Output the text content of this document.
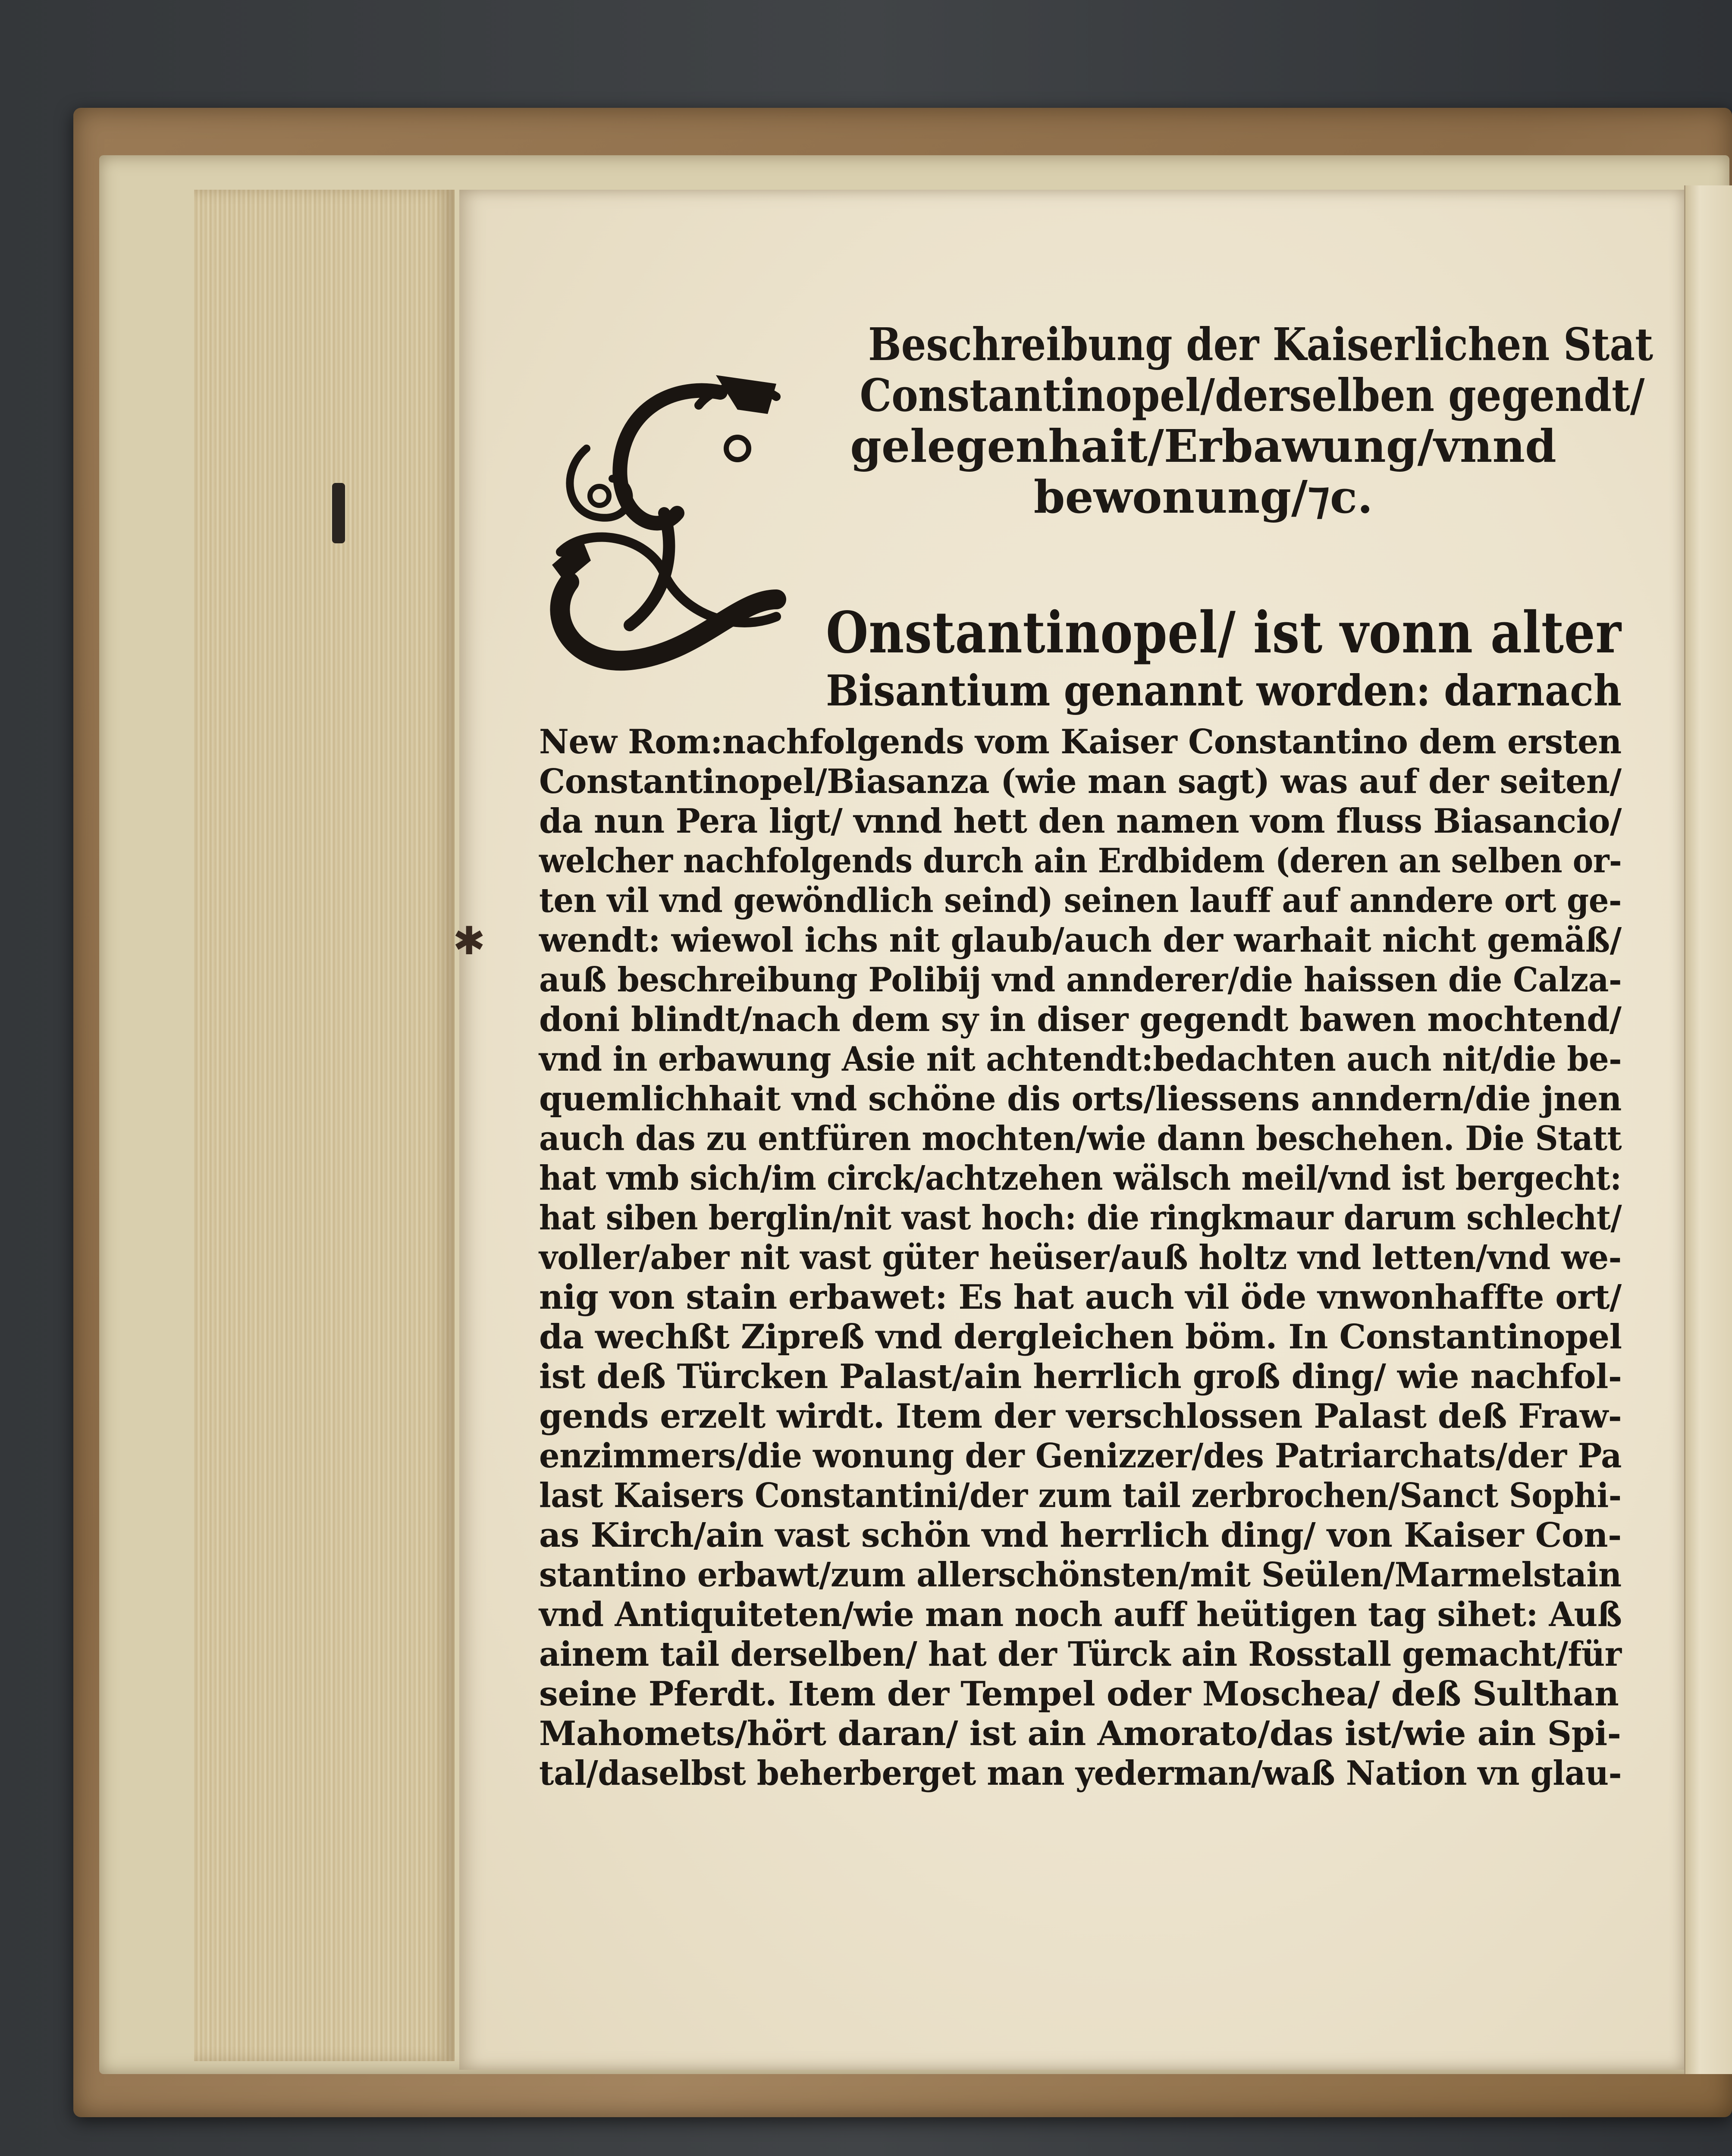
C
Beschreibung der Kaiserlichen Stat
Constantinopel/derselben gegendt/
gelegenhait/Erbawung/vnnd
bewonung/⁊c.
Onstantinopel/ ist vonn alter
Bisantium genannt worden: darnach
New Rom:nachfolgends vom Kaiser Constantino dem ersten
Constantinopel/Biasanza (wie man sagt) was auf der seiten/
da nun Pera ligt/ vnnd hett den namen vom fluss Biasancio/
welcher nachfolgends durch ain Erdbidem (deren an selben or-
ten vil vnd gewöndlich seind) seinen lauff auf anndere ort ge-
wendt: wiewol ichs nit glaub/auch der warhait nicht gemäß/
auß beschreibung Polibij vnd annderer/die haissen die Calza-
doni blindt/nach dem sy in diser gegendt bawen mochtend/
vnd in erbawung Asie nit achtendt:bedachten auch nit/die be-
quemlichhait vnd schöne dis orts/liessens anndern/die jnen
auch das zu entfüren mochten/wie dann beschehen. Die Statt
hat vmb sich/im circk/achtzehen wälsch meil/vnd ist bergecht:
hat siben berglin/nit vast hoch: die ringkmaur darum schlecht/
voller/aber nit vast güter heüser/auß holtz vnd letten/vnd we-
nig von stain erbawet: Es hat auch vil öde vnwonhaffte ort/
da wechßt Zipreß vnd dergleichen böm. In Constantinopel
ist deß Türcken Palast/ain herrlich groß ding/ wie nachfol-
gends erzelt wirdt. Item der verschlossen Palast deß Fraw-
enzimmers/die wonung der Genizzer/des Patriarchats/der Pa
last Kaisers Constantini/der zum tail zerbrochen/Sanct Sophi-
as Kirch/ain vast schön vnd herrlich ding/ von Kaiser Con-
stantino erbawt/zum allerschönsten/mit Seülen/Marmelstain
vnd Antiquiteten/wie man noch auff heütigen tag sihet: Auß
ainem tail derselben/ hat der Türck ain Rosstall gemacht/für
seine Pferdt. Item der Tempel oder Moschea/ deß Sulthan
Mahomets/hört daran/ ist ain Amorato/das ist/wie ain Spi-
tal/daselbst beherberget man yederman/waß Nation vn glau-
✱
